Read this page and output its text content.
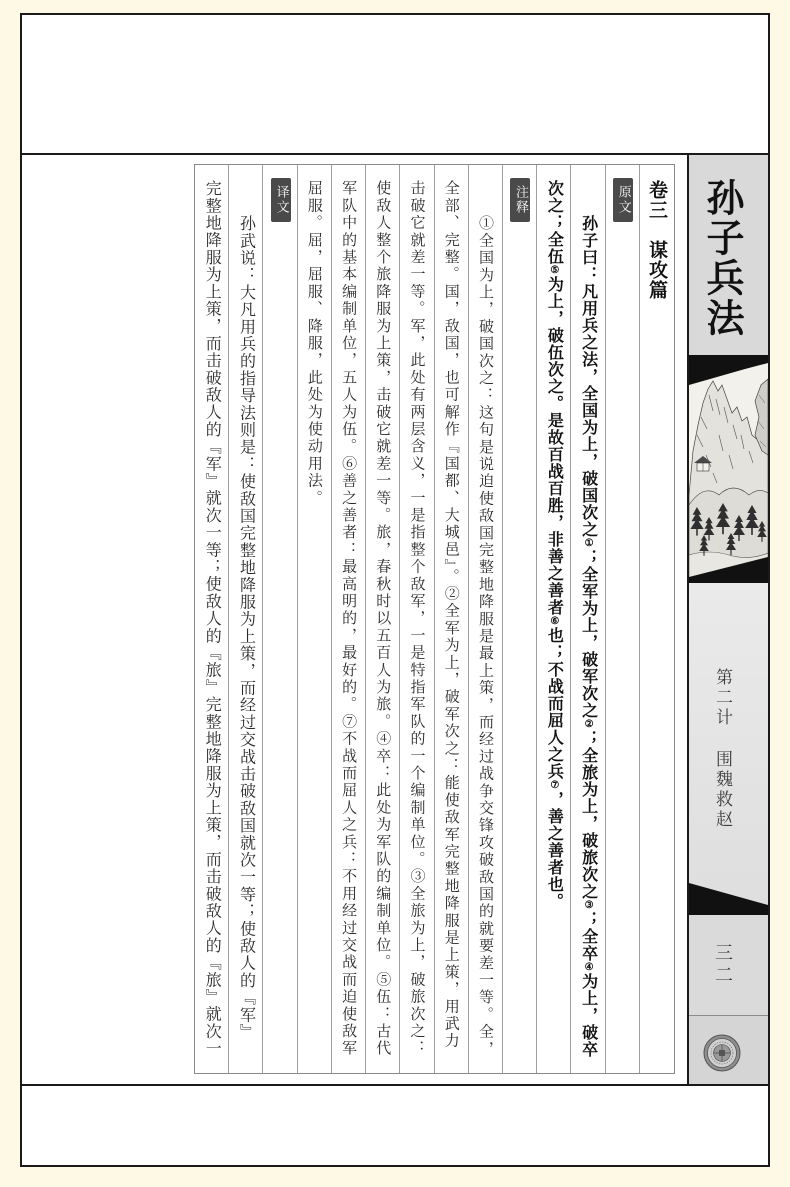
孙子兵法
第二计
围魏救赵
三二
卷三　谋攻篇
原文
孙子曰：凡用兵之法，全国为上，破国次之①；全军为上，破军次之②；全旅为上，破旅次之③；全卒④为上，破卒
次之；全伍⑤为上，破伍次之。是故百战百胜，非善之善者⑥也；不战而屈人之兵⑦，善之善者也。
注释
①全国为上，破国次之：这句是说迫使敌国完整地降服是最上策，而经过战争交锋攻破敌国的就要差一等。全，
全部、完整。国，敌国，也可解作『国都、大城邑』。②全军为上，破军次之：能使敌军完整地降服是上策，用武力
击破它就差一等。军，此处有两层含义，一是指整个敌军，一是特指军队的一个编制单位。③全旅为上，破旅次之：
使敌人整个旅降服为上策，击破它就差一等。旅，春秋时以五百人为旅。④卒：此处为军队的编制单位。⑤伍：古代
军队中的基本编制单位，五人为伍。⑥善之善者：最高明的，最好的。⑦不战而屈人之兵：不用经过交战而迫使敌军
屈服。屈，屈服、降服，此处为使动用法。
译文
孙武说：大凡用兵的指导法则是：使敌国完整地降服为上策，而经过交战击破敌国就次一等；使敌人的『军』
完整地降服为上策，而击破敌人的『军』就次一等；使敌人的『旅』完整地降服为上策，而击破敌人的『旅』就次一
